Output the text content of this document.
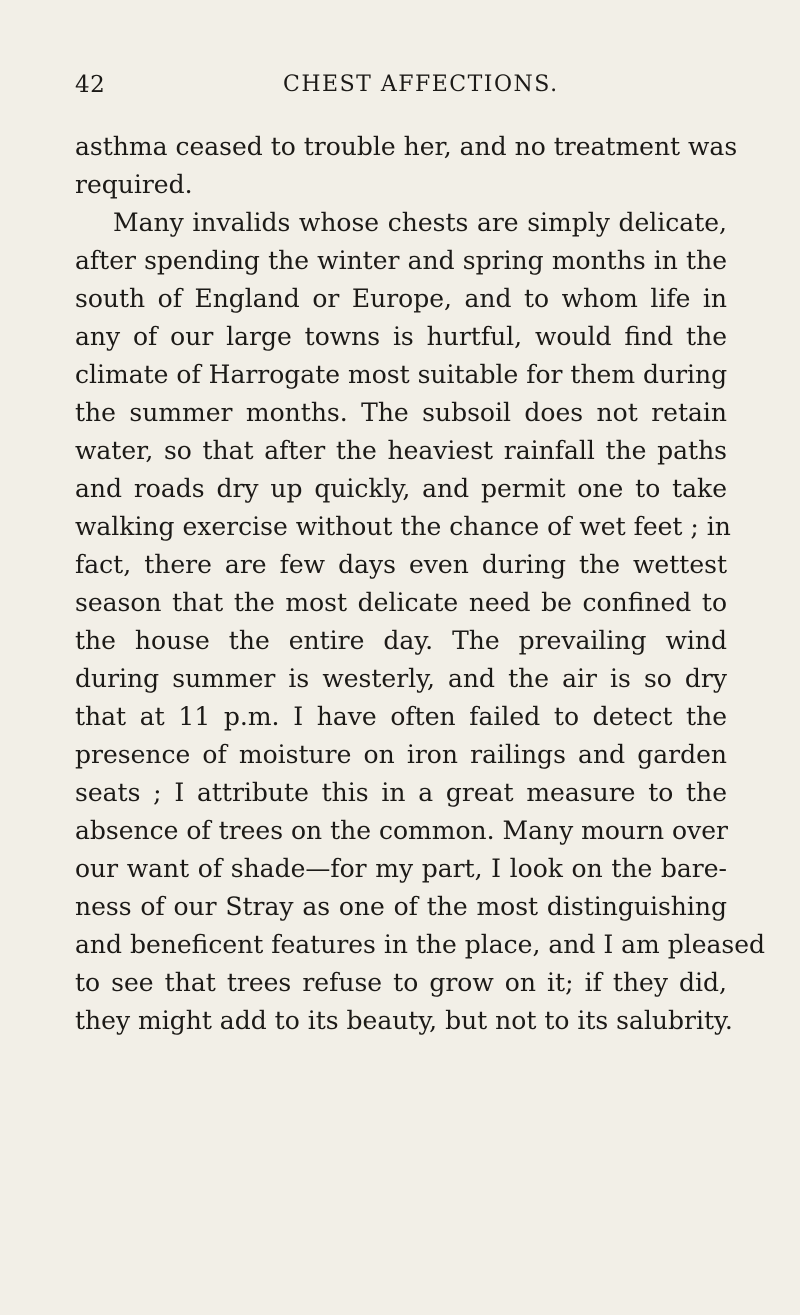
42	CHEST AFFECTIONS.
asthma ceased to trouble her, and no treatment was
required.
Many invalids whose chests are simply delicate,
after spending the winter and spring months in the
south of England or Europe, and to whom life in
any of our large towns is hurtful, would find the
climate of Harrogate most suitable for them during
the summer months. The subsoil does not retain
water, so that after the heaviest rainfall the paths
and roads dry up quickly, and permit one to take
walking exercise without the chance of wet feet ; in
fact, there are few days even during the wettest
season that the most delicate need be confined to
the house the entire day. The prevailing wind
during summer is westerly, and the air is so dry
that at 11 p.m. I have often failed to detect the
presence of moisture on iron railings and garden
seats ; I attribute this in a great measure to the
absence of trees on the common. Many mourn over
our want of shade—for my part, I look on the bare-
ness of our Stray as one of the most distinguishing
and beneficent features in the place, and I am pleased
to see that trees refuse to grow on it; if they did,
they might add to its beauty, but not to its salubrity.
